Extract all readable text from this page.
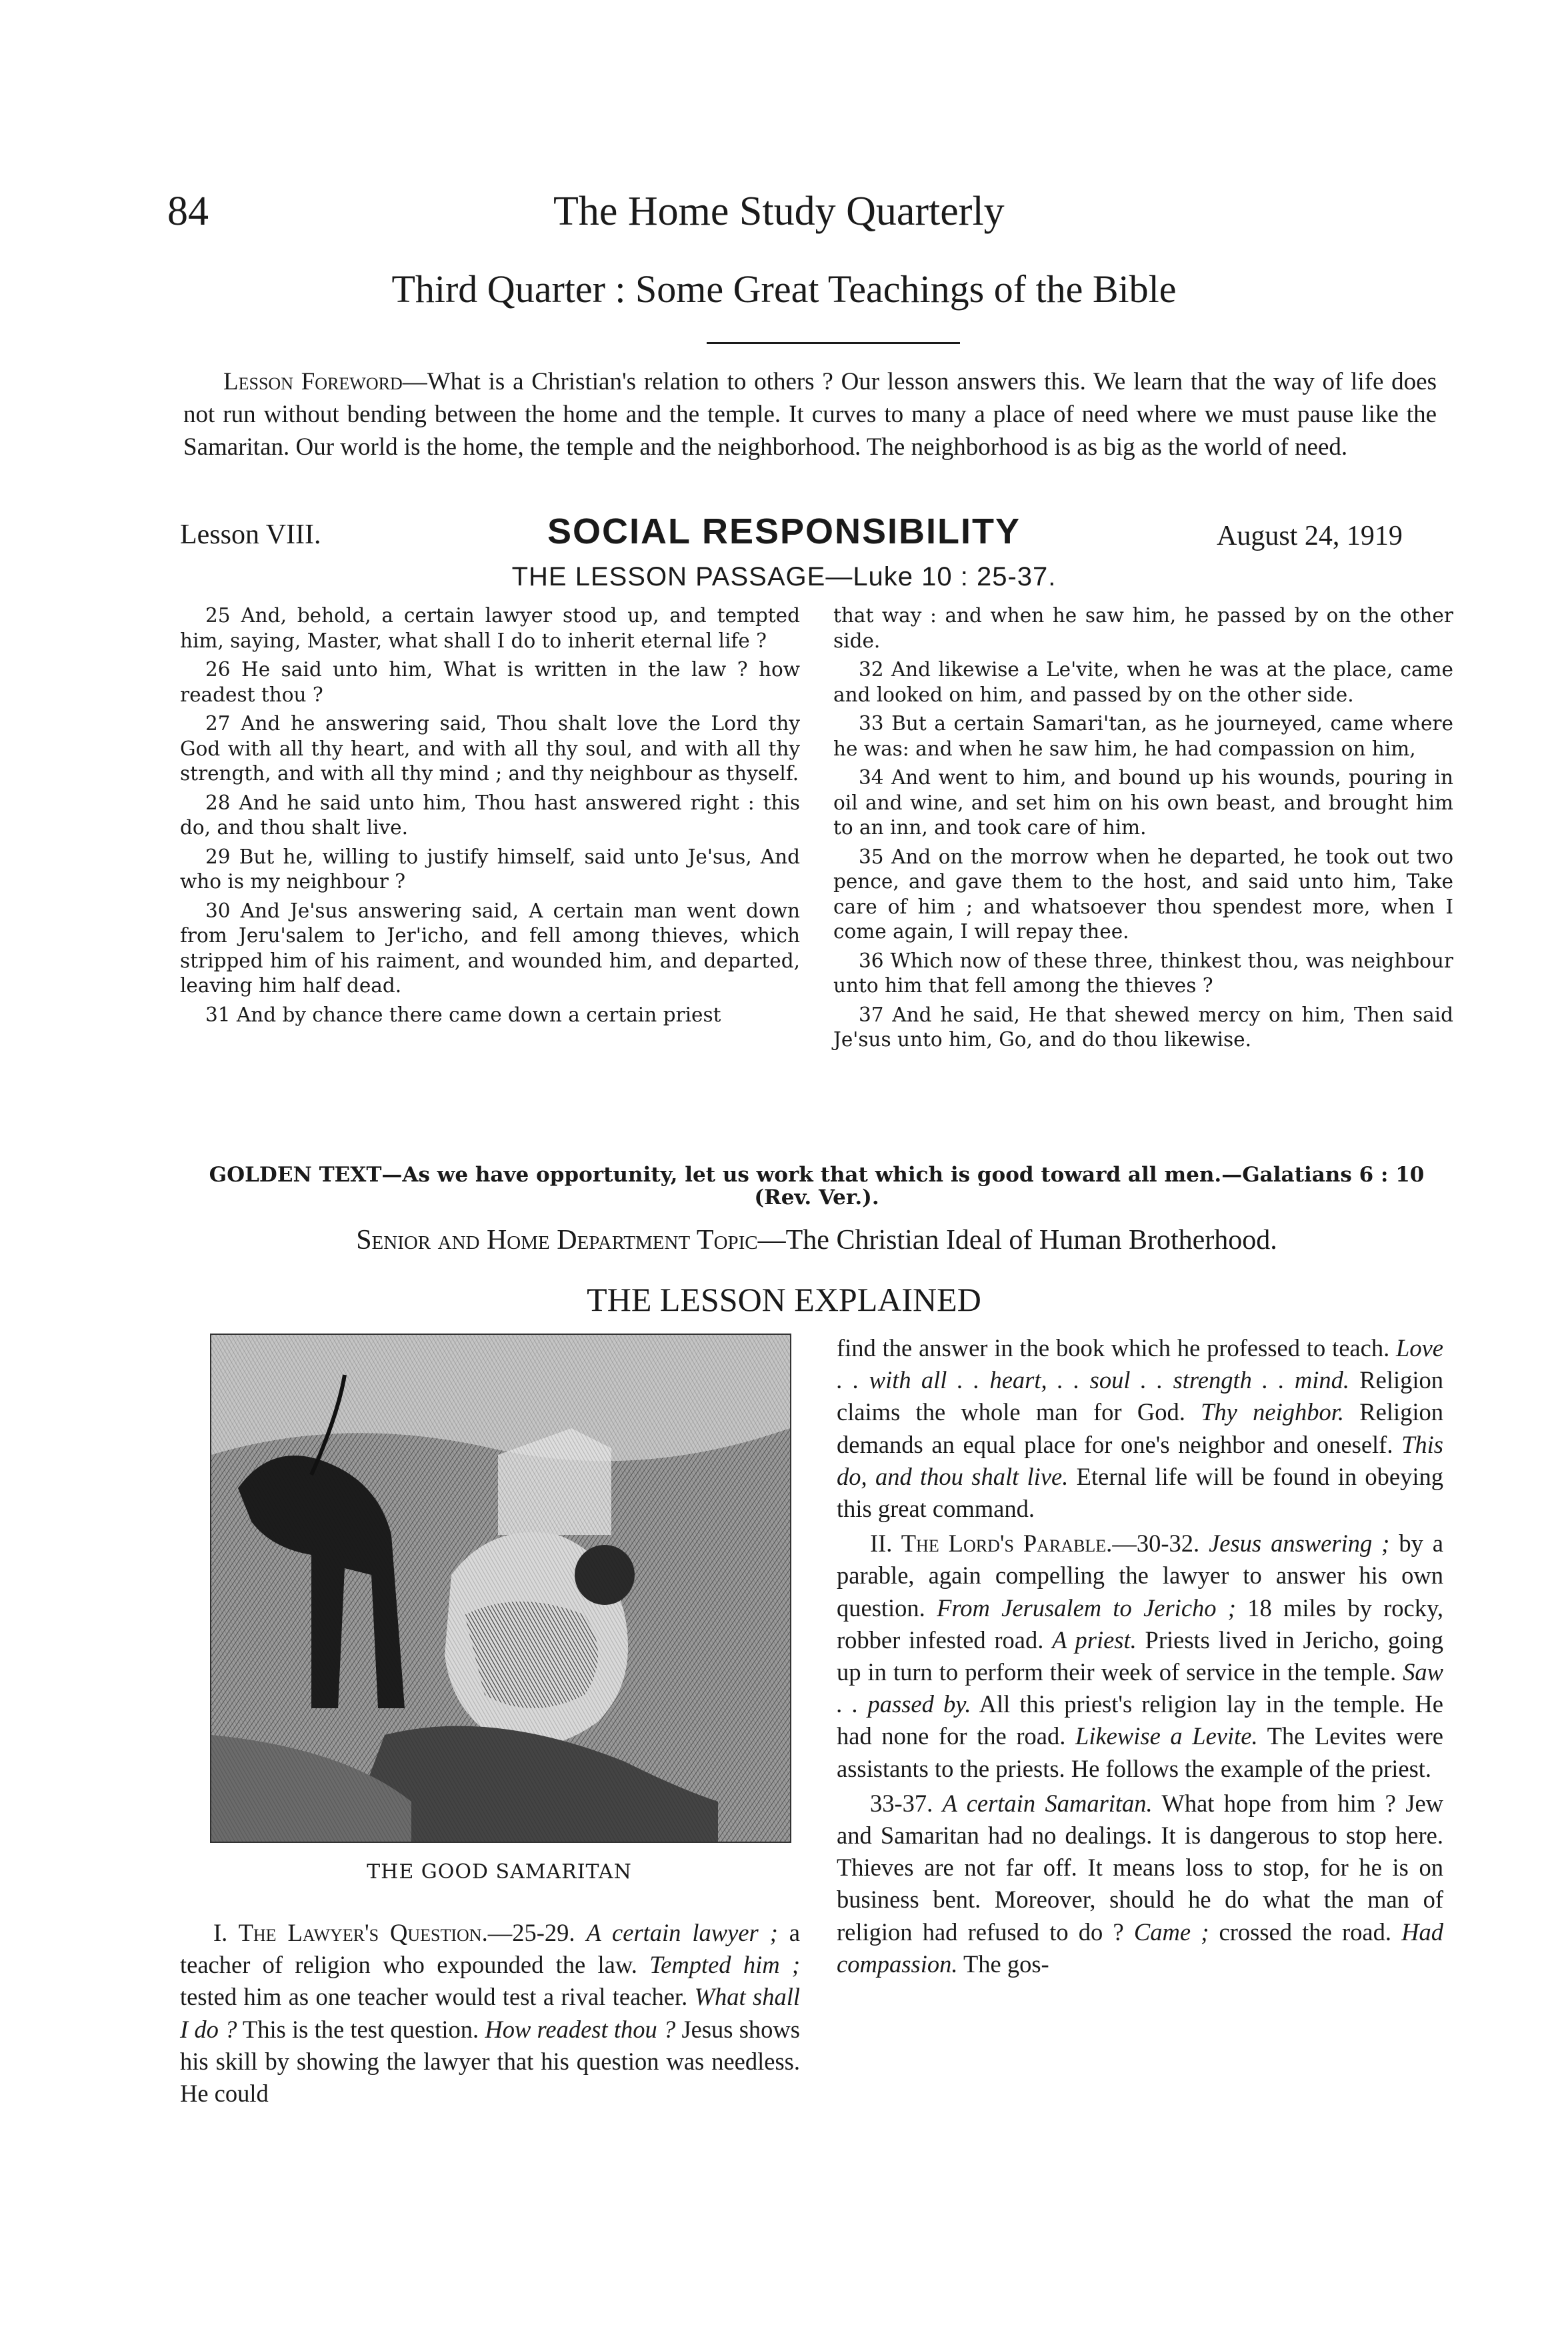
84	The Home Study Quarterly
Third Quarter : Some Great Teachings of the Bible

Lesson Foreword—What is a Christian's relation to others ? Our lesson answers this. We learn that the way of life does not run without bending between the home and the temple. It curves to many a place of need where we must pause like the Samaritan. Our world is the home, the temple and the neighborhood. The neighborhood is as big as the world of need.

Lesson VIII.	SOCIAL RESPONSIBILITY	August 24, 1919
THE LESSON PASSAGE—Luke 10 : 25-37.

25 And, behold, a certain lawyer stood up, and tempted him, saying, Master, what shall I do to inherit eternal life ?

26 He said unto him, What is written in the law ? how readest thou ?

27 And he answering said, Thou shalt love the Lord thy God with all thy heart, and with all thy soul, and with all thy strength, and with all thy mind ; and thy neighbour as thyself.

28 And he said unto him, Thou hast answered right : this do, and thou shalt live.

29 But he, willing to justify himself, said unto Je'sus, And who is my neighbour ?

30 And Je'sus answering said, A certain man went down from Jeru'salem to Jer'icho, and fell among thieves, which stripped him of his raiment, and wounded him, and departed, leaving him half dead.

31 And by chance there came down a certain priest

that way : and when he saw him, he passed by on the other side.

32 And likewise a Le'vite, when he was at the place, came and looked on him, and passed by on the other side.

33 But a certain Samari'tan, as he journeyed, came where he was: and when he saw him, he had compassion on him,

34 And went to him, and bound up his wounds, pouring in oil and wine, and set him on his own beast, and brought him to an inn, and took care of him.

35 And on the morrow when he departed, he took out two pence, and gave them to the host, and said unto him, Take care of him ; and whatsoever thou spendest more, when I come again, I will repay thee.

36 Which now of these three, thinkest thou, was neighbour unto him that fell among the thieves ?

37 And he said, He that shewed mercy on him, Then said Je'sus unto him, Go, and do thou likewise.

GOLDEN TEXT—As we have opportunity, let us work that which is good toward all men.—Galatians 6 : 10 (Rev. Ver.).
Senior and Home Department Topic—The Christian Ideal of Human Brotherhood.
THE LESSON EXPLAINED
THE GOOD SAMARITAN

I. The Lawyer's Question.—25-29. A certain lawyer ; a teacher of religion who expounded the law. Tempted him ; tested him as one teacher would test a rival teacher. What shall I do ? This is the test question. How readest thou ? Jesus shows his skill by showing the lawyer that his question was needless. He could

find the answer in the book which he professed to teach. Love . . with all . . heart, . . soul . . strength . . mind. Religion claims the whole man for God. Thy neighbor. Religion demands an equal place for one's neighbor and oneself. This do, and thou shalt live. Eternal life will be found in obeying this great command.

II. The Lord's Parable.—30-32. Jesus answering ; by a parable, again compelling the lawyer to answer his own question. From Jerusalem to Jericho ; 18 miles by rocky, robber infested road. A priest. Priests lived in Jericho, going up in turn to perform their week of service in the temple. Saw . . passed by. All this priest's religion lay in the temple. He had none for the road. Likewise a Levite. The Levites were assistants to the priests. He follows the example of the priest.

33-37. A certain Samaritan. What hope from him ? Jew and Samaritan had no dealings. It is dangerous to stop here. Thieves are not far off. It means loss to stop, for he is on business bent. Moreover, should he do what the man of religion had refused to do ? Came ; crossed the road. Had compassion. The gos-
